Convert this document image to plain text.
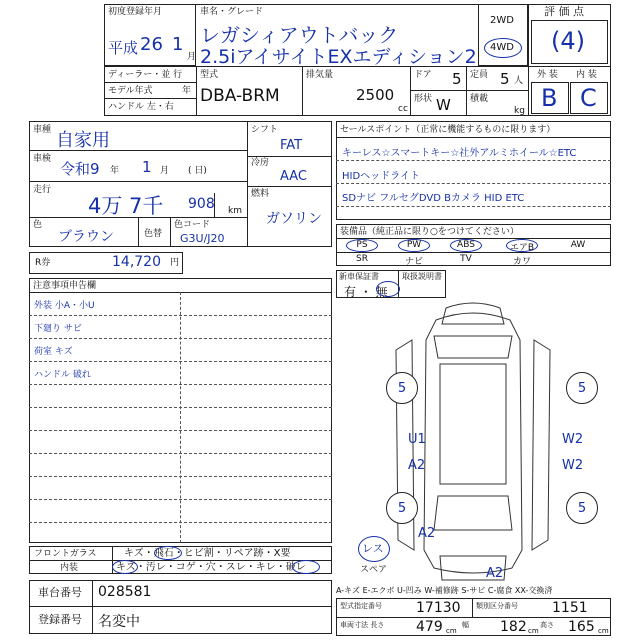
初度登録年月
平成 26 1
月
車名・グレード
レガシィアウトバック
2.5iアイサイトEXエディション2
2WD
4WD
評 価 点
(4)
外 装 内 装
B C
ディーラー・並 行
モデル年式	年
ハンドル 左・右
型式
DBA-BRM
排気量
2500
cc
ドア 5 定員 5 人
形状 W 積載
kg
車種 自家用
車検
令和9 年 1 月 ( 日)
走行
4万 7千 908 km
色
ブラウン	色替
色コード
G3U/J20
シフト
FAT
冷房
AAC
燃料
ガソリン
R券	14,720 円
セールスポイント（正常に機能するものに限ります）
キーレス☆スマートキー☆社外アルミホイール☆ETC
HIDヘッドライト
SDナビ フルセグDVD Bカメラ HID ETC
装備品（純正品に限り○をつけてください）
PS	PW	ABS	エアB	AW
SR	ナビ	TV	カワ
新車保証書	取扱説明書
有 ・ 無
注意事項申告欄
外装 小A・小U
下廻り サビ
荷室 キズ
ハンドル 破れ
フロントガラス	キズ・飛石・ヒビ割・リペア跡・X要
内装	キズ・汚レ・コゲ・穴・スレ・キレ・破レ
車台番号 028581
登録番号 名変中
型式指定番号 17130 類別区分番号 1151
車両寸法 長さ 479 cm
幅 182 cm
高さ 165 cm
A-キズ E-エクボ U-凹み W-補修跡 S-サビ C-腐食 XX-交換済
5	5
5	5
U1
A2
W2
W2
A2
A2
レス
スペア
